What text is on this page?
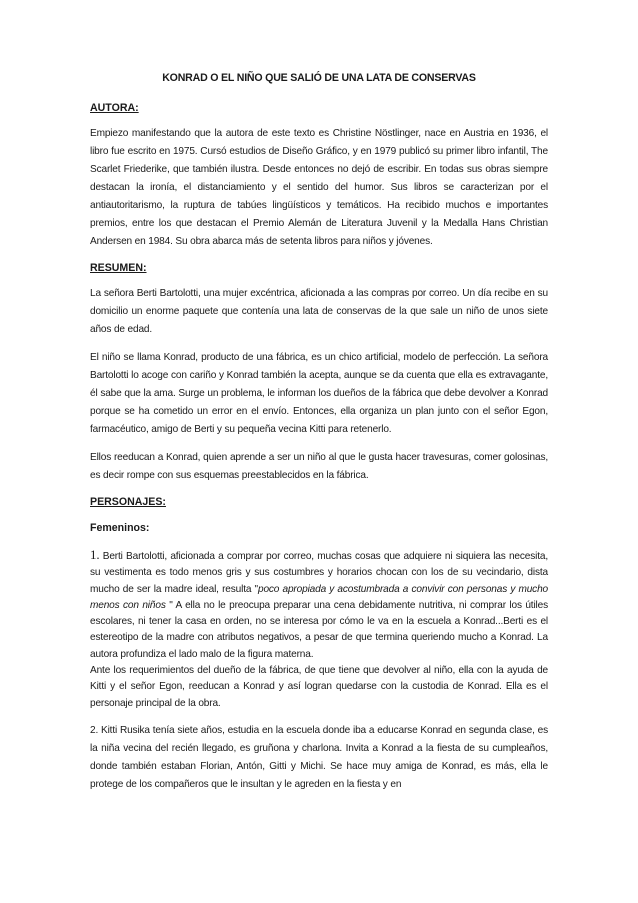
KONRAD O EL NIÑO QUE SALIÓ DE UNA LATA DE CONSERVAS
AUTORA:

Empiezo manifestando que la autora de este texto es Christine Nöstlinger, nace en Austria en 1936, el libro fue escrito en 1975. Cursó estudios de Diseño Gráfico, y en 1979 publicó su primer libro infantil, The Scarlet Friederike, que también ilustra. Desde entonces no dejó de escribir. En todas sus obras siempre destacan la ironía, el distanciamiento y el sentido del humor. Sus libros se caracterizan por el antiautoritarismo, la ruptura de tabúes lingüísticos y temáticos. Ha recibido muchos e importantes premios, entre los que destacan el Premio Alemán de Literatura Juvenil y la Medalla Hans Christian Andersen en 1984. Su obra abarca más de setenta libros para niños y jóvenes.

RESUMEN:

La señora Berti Bartolotti, una mujer excéntrica, aficionada a las compras por correo. Un día recibe en su domicilio un enorme paquete que contenía una lata de conservas de la que sale un niño de unos siete años de edad.

El niño se llama Konrad, producto de una fábrica, es un chico artificial, modelo de perfección. La señora Bartolotti lo acoge con cariño y Konrad también la acepta, aunque se da cuenta que ella es extravagante, él sabe que la ama. Surge un problema, le informan los dueños de la fábrica que debe devolver a Konrad porque se ha cometido un error en el envío. Entonces, ella organiza un plan junto con el señor Egon, farmacéutico, amigo de Berti y su pequeña vecina Kitti para retenerlo.

Ellos reeducan a Konrad, quien aprende a ser un niño al que le gusta hacer travesuras, comer golosinas, es decir rompe con sus esquemas preestablecidos en la fábrica.

PERSONAJES:
Femeninos:

1. Berti Bartolotti, aficionada a comprar por correo, muchas cosas que adquiere ni siquiera las necesita, su vestimenta es todo menos gris y sus costumbres y horarios chocan con los de su vecindario, dista mucho de ser la madre ideal, resulta "poco apropiada y acostumbrada a convivir con personas y mucho menos con niños " A ella no le preocupa preparar una cena debidamente nutritiva, ni comprar los útiles escolares, ni tener la casa en orden, no se interesa por cómo le va en la escuela a Konrad...Berti es el estereotipo de la madre con atributos negativos, a pesar de que termina queriendo mucho a Konrad. La autora profundiza el lado malo de la figura materna.

Ante los requerimientos del dueño de la fábrica, de que tiene que devolver al niño, ella con la ayuda de Kitti y el señor Egon, reeducan a Konrad y así logran quedarse con la custodia de Konrad. Ella es el personaje principal de la obra.

2. Kitti Rusika tenía siete años, estudia en la escuela donde iba a educarse Konrad en segunda clase, es la niña vecina del recién llegado, es gruñona y charlona. Invita a Konrad a la fiesta de su cumpleaños, donde también estaban Florian, Antón, Gitti y Michi. Se hace muy amiga de Konrad, es más, ella le protege de los compañeros que le insultan y le agreden en la fiesta y en
